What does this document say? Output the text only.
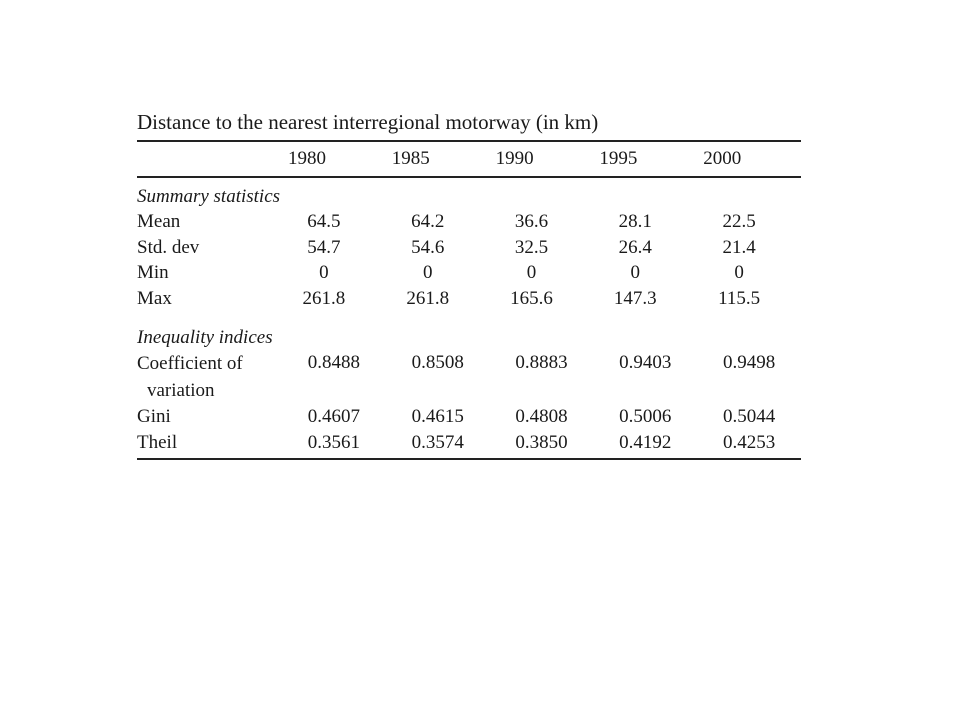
Distance to the nearest interregional motorway (in km)
	1980	1985	1990	1995	2000
Summary statistics					
Mean	64.5	64.2	36.6	28.1	22.5
Std. dev	54.7	54.6	32.5	26.4	21.4
Min	0	0	0	0	0
Max	261.8	261.8	165.6	147.3	115.5
Inequality indices					

Coefficient of
variation	0.8488	0.8508	0.8883	0.9403	0.9498
Gini	0.4607	0.4615	0.4808	0.5006	0.5044
Theil	0.3561	0.3574	0.3850	0.4192	0.4253
